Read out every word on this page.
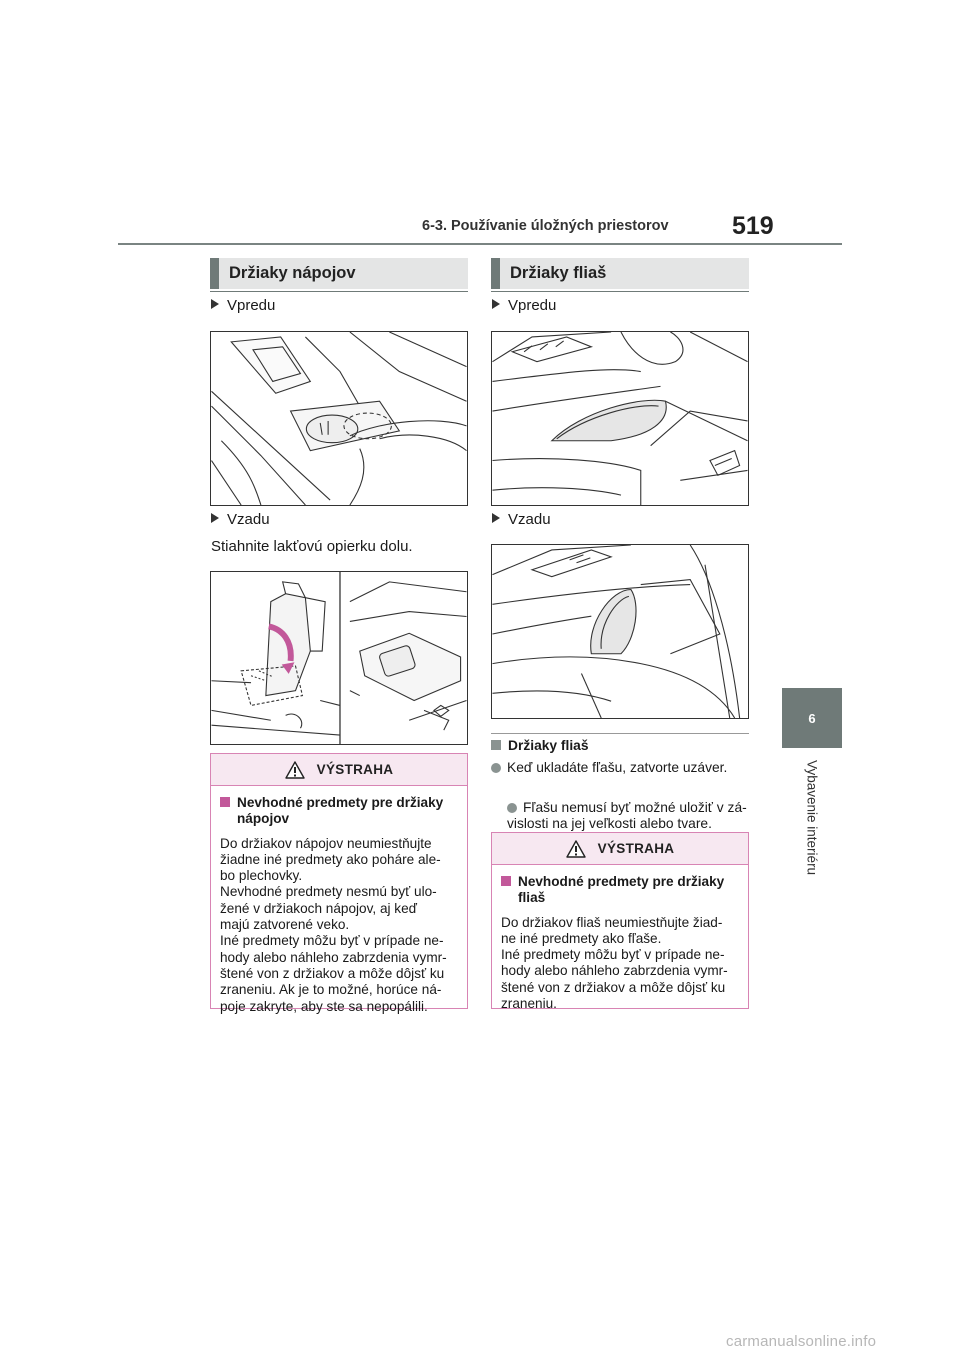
6-3. Používanie úložných priestorov	519
Držiaky nápojov
Vpredu
Vzadu
Stiahnite lakťovú opierku dolu.
VÝSTRAHA
Nevhodné predmety pre držiaky nápojov
Do držiakov nápojov neumiestňujte
žiadne iné predmety ako poháre ale-
bo plechovky.
Nevhodné predmety nesmú byť ulo-
žené v držiakoch nápojov, aj keď
majú zatvorené veko.
Iné predmety môžu byť v prípade ne-
hody alebo náhleho zabrzdenia vymr-
štené von z držiakov a môže dôjsť ku
zraneniu. Ak je to možné, horúce ná-
poje zakryte, aby ste sa nepopálili.
Držiaky fliaš
Vpredu
Vzadu
Držiaky fliaš
Keď ukladáte fľašu, zatvorte uzáver.

Fľašu nemusí byť možné uložiť v zá-
vislosti na jej veľkosti alebo tvare.

VÝSTRAHA
Nevhodné predmety pre držiaky fliaš
Do držiakov fliaš neumiestňujte žiad-
ne iné predmety ako fľaše.
Iné predmety môžu byť v prípade ne-
hody alebo náhleho zabrzdenia vymr-
štené von z držiakov a môže dôjsť ku
zraneniu.
6
Vybavenie interiéru
carmanualsonline.info
